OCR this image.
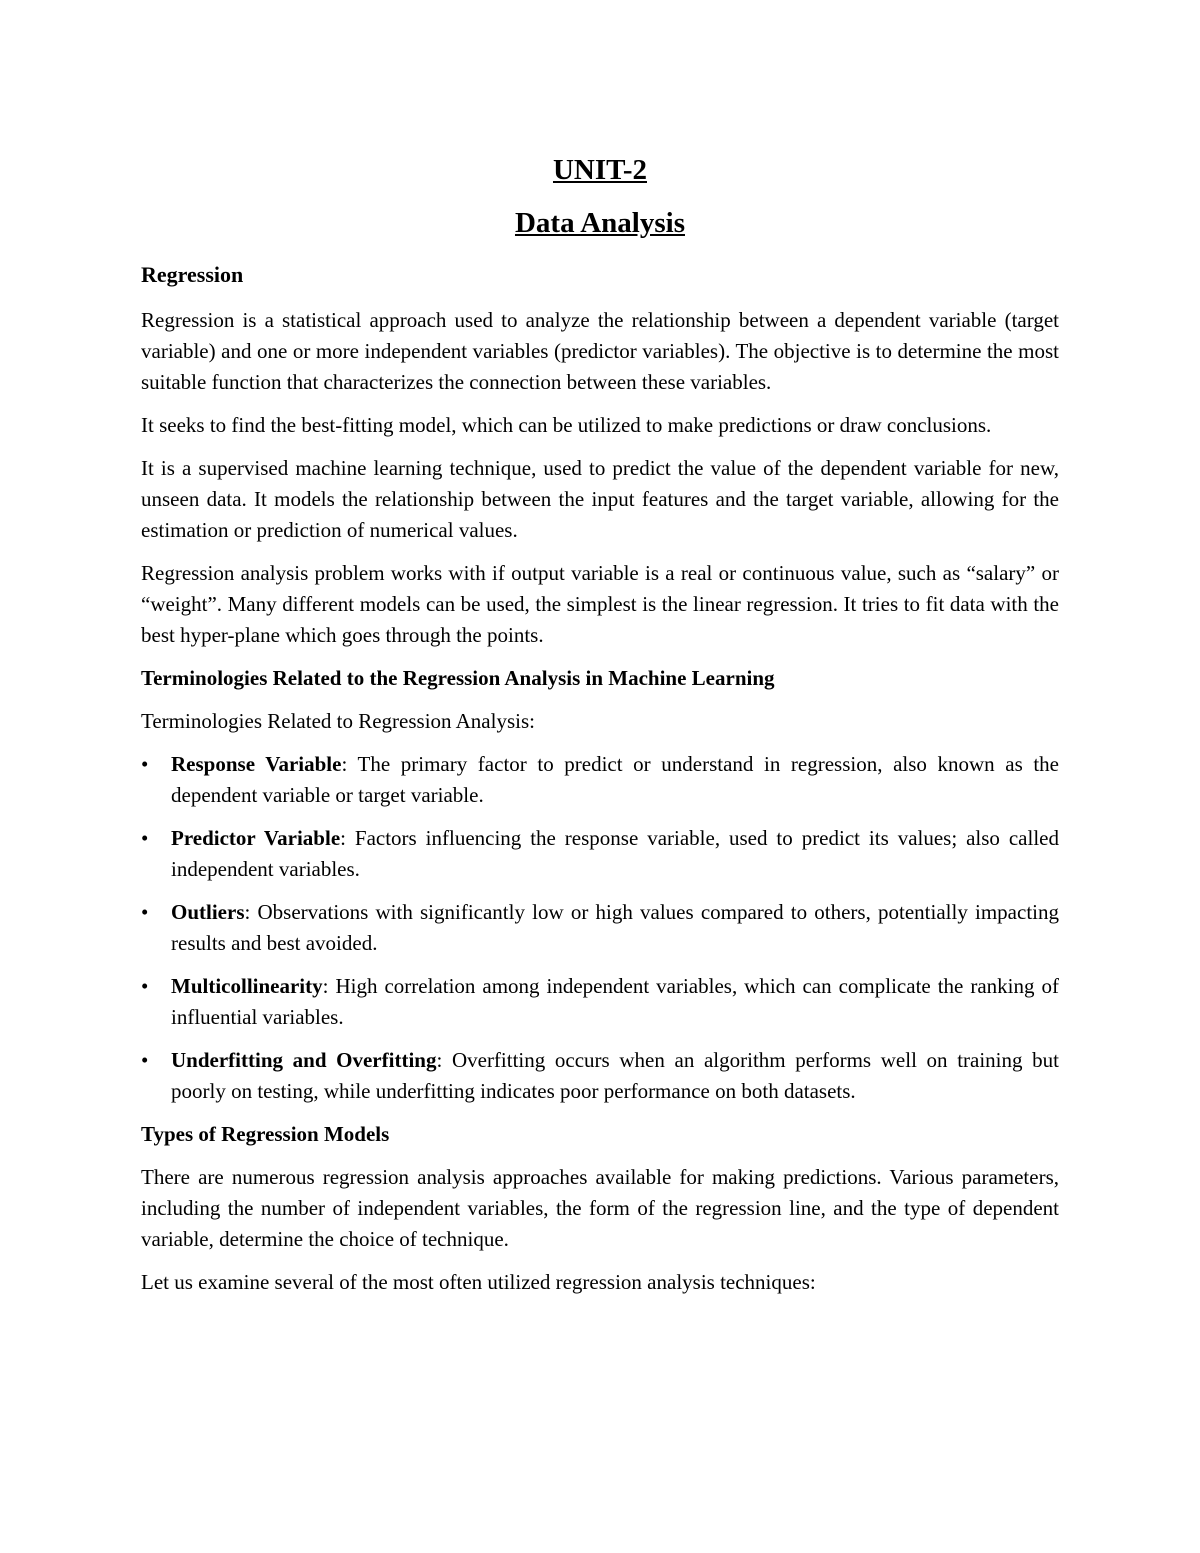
UNIT-2
Data Analysis
Regression

Regression is a statistical approach used to analyze the relationship between a dependent variable (target variable) and one or more independent variables (predictor variables). The objective is to determine the most suitable function that characterizes the connection between these variables.

It seeks to find the best-fitting model, which can be utilized to make predictions or draw conclusions.

It is a supervised machine learning technique, used to predict the value of the dependent variable for new, unseen data. It models the relationship between the input features and the target variable, allowing for the estimation or prediction of numerical values.

Regression analysis problem works with if output variable is a real or continuous value, such as “salary” or “weight”. Many different models can be used, the simplest is the linear regression. It tries to fit data with the best hyper-plane which goes through the points.

Terminologies Related to the Regression Analysis in Machine Learning

Terminologies Related to Regression Analysis:

•	Response Variable: The primary factor to predict or understand in regression, also known as the dependent variable or target variable.
•	Predictor Variable: Factors influencing the response variable, used to predict its values; also called independent variables.
•	Outliers: Observations with significantly low or high values compared to others, potentially impacting results and best avoided.
•	Multicollinearity: High correlation among independent variables, which can complicate the ranking of influential variables.
•	Underfitting and Overfitting: Overfitting occurs when an algorithm performs well on training but poorly on testing, while underfitting indicates poor performance on both datasets.
Types of Regression Models

There are numerous regression analysis approaches available for making predictions. Various parameters, including the number of independent variables, the form of the regression line, and the type of dependent variable, determine the choice of technique.

Let us examine several of the most often utilized regression analysis techniques:
